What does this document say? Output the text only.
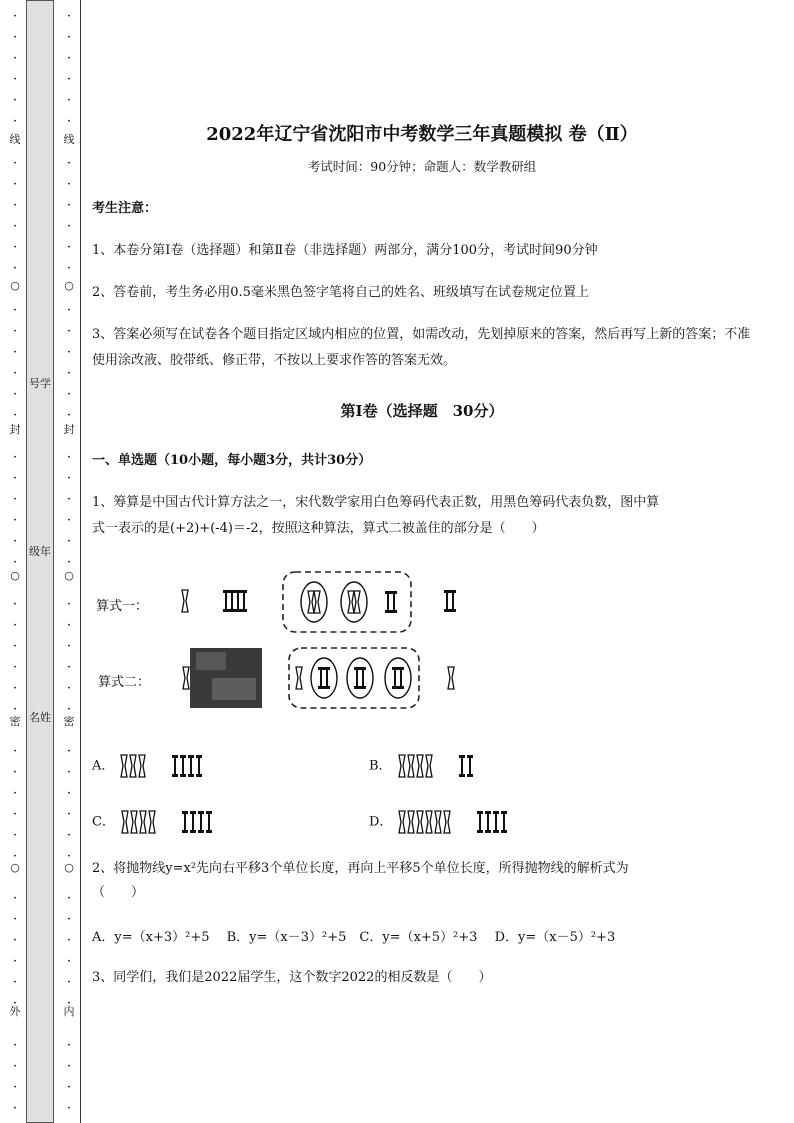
•
•
•
•
•
•
线
•
•
•
•
•
•
○
•
•
•
•
•
•
封
•
•
•
•
•
•
○
•
•
•
•
•
•
密
•
•
•
•
•
•
○
•
•
•
•
•
•
外
•
•
•
•
•
•
•
•
•
•
线
•
•
•
•
•
•
○
•
•
•
•
•
•
封
•
•
•
•
•
•
○
•
•
•
•
•
•
密
•
•
•
•
•
•
○
•
•
•
•
•
•
内
•
•
•
•
号学
级年
名姓
2022年辽宁省沈阳市中考数学三年真题模拟 卷（Ⅱ）
考试时间：90分钟；命题人：数学教研组
考生注意：
1、本卷分第Ⅰ卷（选择题）和第Ⅱ卷（非选择题）两部分，满分100分，考试时间90分钟
2、答卷前，考生务必用0.5毫米黑色签字笔将自己的姓名、班级填写在试卷规定位置上
3、答案必须写在试卷各个题目指定区域内相应的位置，如需改动，先划掉原来的答案，然后再写上新的答案；不准使用涂改液、胶带纸、修正带，不按以上要求作答的答案无效。
第Ⅰ卷（选择题　30分）
一、单选题（10小题，每小题3分，共计30分）
1、筹算是中国古代计算方法之一，宋代数学家用白色筹码代表正数，用黑色筹码代表负数，图中算
式一表示的是(+2)+(-4)＝-2，按照这种算法，算式二被盖住的部分是（　　）
算式一：
算式二：
A．	B．
C．	D．
2、将抛物线y=x²先向右平移3个单位长度，再向上平移5个单位长度，所得抛物线的解析式为
（　　）
A．y=（x+3）²+5　 B．y=（x－3）²+5　C．y=（x+5）²+3　 D．y=（x－5）²+3
3、同学们，我们是2022届学生，这个数字2022的相反数是（　　）
